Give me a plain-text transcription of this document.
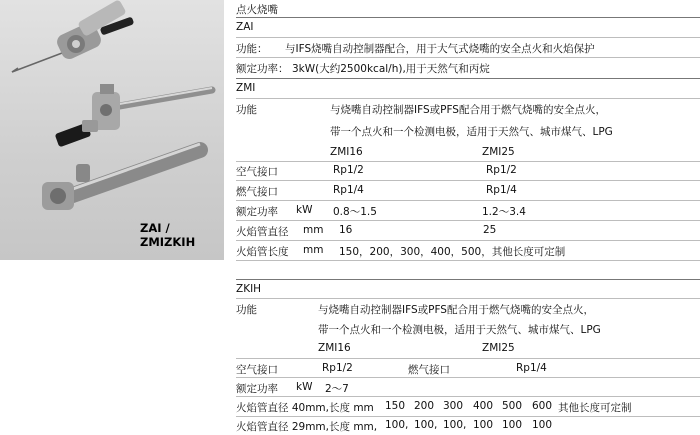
ZAI / ZMIZKIH
点火烧嘴
ZAI
功能： 与IFS烧嘴自动控制器配合，用于大气式烧嘴的安全点火和火焰保护
额定功率： 3kW(大约2500kcal/h),用于天然气和丙烷
ZMI
功能	与烧嘴自动控制器IFS或PFS配合用于燃气烧嘴的安全点火，
带一个点火和一个检测电极，适用于天然气、城市煤气、LPG
ZMI16	ZMI25
空气接口	Rp1/2	Rp1/2
燃气接口	Rp1/4	Rp1/4
额定功率 kW 0.8～1.5	1.2～3.4
火焰管直径 mm 16	25
火焰管长度 mm 150，200，300，400，500，其他长度可定制
ZKIH
功能	与烧嘴自动控制器IFS或PFS配合用于燃气烧嘴的安全点火，
带一个点火和一个检测电极，适用于天然气、城市煤气、LPG
ZMI16	ZMI25
空气接口	Rp1/2	燃气接口	Rp1/4
额定功率 kW 2～7
火焰管直径 40mm,长度 mm 150 200 300 400 500 600 其他长度可定制
火焰管直径 29mm,长度 mm, 100, 100, 100, 100 100 100
